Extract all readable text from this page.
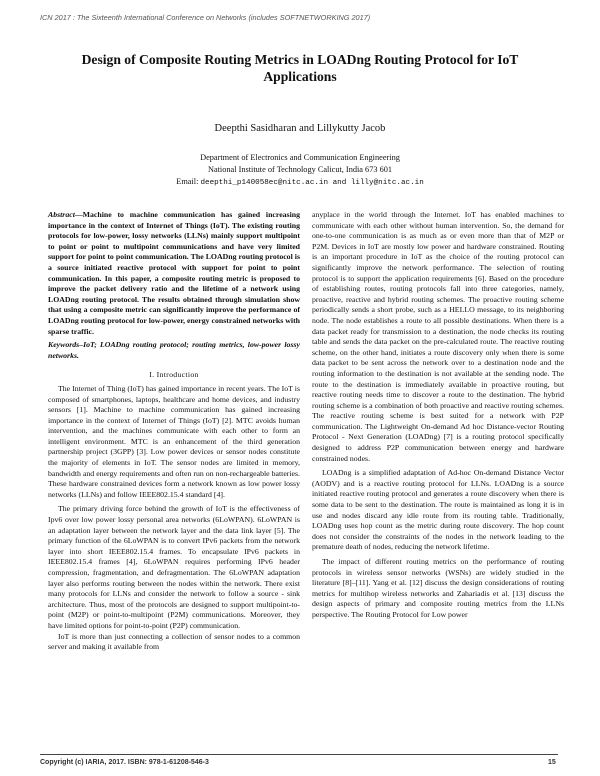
ICN 2017 : The Sixteenth International Conference on Networks (includes SOFTNETWORKING 2017)
Design of Composite Routing Metrics in LOADng Routing Protocol for IoT Applications

Deepthi Sasidharan and Lillykutty Jacob

Department of Electronics and Communication Engineering
National Institute of Technology Calicut, India 673 601
Email: deepthi_p140058ec@nitc.ac.in and lilly@nitc.ac.in

Abstract—Machine to machine communication has gained increasing importance in the context of Internet of Things (IoT). The existing routing protocols for low-power, lossy networks (LLNs) mainly support multipoint to point or point to multipoint communications and have very limited support for point to point communication. The LOADng routing protocol is a source initiated reactive protocol with support for point to point communication. In this paper, a composite routing metric is proposed to improve the packet delivery ratio and the lifetime of a network using LOADng routing protocol. The results obtained through simulation show that using a composite metric can significantly improve the performance of LOADng routing protocol for low-power, energy constrained networks with sparse traffic.

Keywords–IoT; LOADng routing protocol; routing metrics, low-power lossy networks.

I. Introduction

The Internet of Thing (IoT) has gained importance in recent years. The IoT is composed of smartphones, laptops, healthcare and home devices, and industry sensors [1]. Machine to machine communication has gained increasing importance in the context of Internet of Things (IoT) [2]. MTC avoids human intervention, and the machines communicate with each other to form an intelligent environment. MTC is an enhancement of the third generation partnership project (3GPP) [3]. Low power devices or sensor nodes constitute the majority of elements in IoT. The sensor nodes are limited in memory, bandwidth and energy requirements and often run on non-rechargeable batteries. These hardware constrained devices form a network known as low power lossy networks (LLNs) and follow IEEE802.15.4 standard [4].

The primary driving force behind the growth of IoT is the effectiveness of Ipv6 over low power lossy personal area networks (6LoWPAN). 6LoWPAN is an adaptation layer between the network layer and the data link layer [5]. The primary function of the 6LoWPAN is to convert IPv6 packets from the network layer into short IEEE802.15.4 frames. To encapsulate IPv6 packets in IEEE802.15.4 frames [4], 6LoWPAN requires performing IPv6 header compression, fragmentation, and defragmentation. The 6LoWPAN adaptation layer also performs routing between the nodes within the network. There exist many protocols for LLNs and consider the network to follow a source - sink architecture. Thus, most of the protocols are designed to support multipoint-to-point (M2P) or point-to-multipoint (P2M) communications. Moreover, they have limited options for point-to-point (P2P) communication.

IoT is more than just connecting a collection of sensor nodes to a common server and making it available from

anyplace in the world through the Internet. IoT has enabled machines to communicate with each other without human intervention. So, the demand for one-to-one communication is as much as or even more than that of M2P or P2M. Devices in IoT are mostly low power and hardware constrained. Routing is an important procedure in IoT as the choice of the routing protocol can significantly improve the network performance. The selection of routing protocol is to support the application requirements [6]. Based on the procedure of establishing routes, routing protocols fall into three categories, namely, proactive, reactive and hybrid routing schemes. The proactive routing scheme periodically sends a short probe, such as a HELLO message, to its neighboring node. The node establishes a route to all possible destinations. When there is a data packet ready for transmission to a destination, the node checks its routing table and sends the data packet on the pre-calculated route. The reactive routing scheme, on the other hand, initiates a route discovery only when there is some data packet to be sent across the network over to a destination node and the routing information to the destination is not available at the sending node. The route to the destination is immediately available in proactive routing, but reactive routing needs time to discover a route to the destination. The hybrid routing scheme is a combination of both proactive and reactive routing schemes. The reactive routing scheme is best suited for a network with P2P communication. The Lightweight On-demand Ad hoc Distance-vector Routing Protocol - Next Generation (LOADng) [7] is a routing protocol specifically designed to address P2P communication between energy and hardware constrained nodes.

LOADng is a simplified adaptation of Ad-hoc On-demand Distance Vector (AODV) and is a reactive routing protocol for LLNs. LOADng is a source initiated reactive routing protocol and generates a route discovery when there is some data to be sent to the destination. The route is maintained as long it is in use and nodes discard any idle route from its routing table. Traditionally, LOADng uses hop count as the metric during route discovery. The hop count does not consider the constraints of the nodes in the network leading to the premature death of nodes, reducing the network lifetime.

The impact of different routing metrics on the performance of routing protocols in wireless sensor networks (WSNs) are widely studied in the literature [8]–[11]. Yang et al. [12] discuss the design considerations of routing metrics for multihop wireless networks and Zahariadis et al. [13] discuss the design aspects of primary and composite routing metrics from the LLNs perspective. The Routing Protocol for Low power

Copyright (c) IARIA, 2017. ISBN: 978-1-61208-546-3	15
